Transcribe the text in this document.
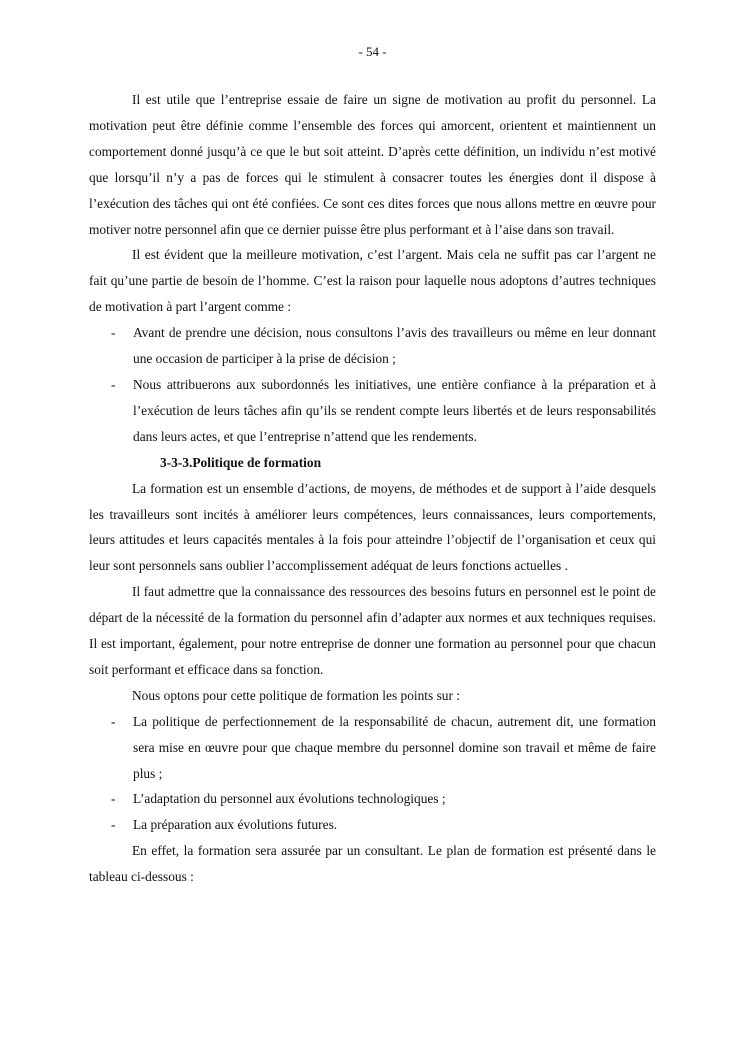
- 54 -

Il est utile que l’entreprise essaie de faire un signe de motivation au profit du personnel. La motivation peut être définie comme l’ensemble des forces qui amorcent, orientent et maintiennent un comportement donné jusqu’à ce que le but soit atteint. D’après cette définition, un individu n’est motivé que lorsqu’il n’y a pas de forces qui le stimulent à consacrer toutes les énergies dont il dispose à l’exécution des tâches qui ont été confiées. Ce sont ces dites forces que nous allons mettre en œuvre pour motiver notre personnel afin que ce dernier puisse être plus performant et à l’aise dans son travail.

Il est évident que la meilleure motivation, c’est l’argent. Mais cela ne suffit pas car l’argent ne fait qu’une partie de besoin de l’homme. C’est la raison pour laquelle nous adoptons d’autres techniques de motivation à part l’argent comme :

- Avant de prendre une décision, nous consultons l’avis des travailleurs ou même en leur donnant une occasion de participer à la prise de décision ;
- Nous attribuerons aux subordonnés les initiatives, une entière confiance à la préparation et à l’exécution de leurs tâches afin qu’ils se rendent compte leurs libertés et de leurs responsabilités dans leurs actes, et que l’entreprise n’attend que les rendements.
3-3-3.Politique de formation

La formation est un ensemble d’actions, de moyens, de méthodes et de support à l’aide desquels les travailleurs sont incités à améliorer leurs compétences, leurs connaissances, leurs comportements, leurs attitudes et leurs capacités mentales à la fois pour atteindre l’objectif de l’organisation et ceux qui leur sont personnels sans oublier l’accomplissement adéquat de leurs fonctions actuelles .

Il faut admettre que la connaissance des ressources des besoins futurs en personnel est le point de départ de la nécessité de la formation du personnel afin d’adapter aux normes et aux techniques requises. Il est important, également, pour notre entreprise de donner une formation au personnel pour que chacun soit performant et efficace dans sa fonction.

Nous optons pour cette politique de formation les points sur :

- La politique de perfectionnement de la responsabilité de chacun, autrement dit, une formation sera mise en œuvre pour que chaque membre du personnel domine son travail et même de faire plus ;
- L’adaptation du personnel aux évolutions technologiques ;
- La préparation aux évolutions futures.

En effet, la formation sera assurée par un consultant. Le plan de formation est présenté dans le tableau ci-dessous :
